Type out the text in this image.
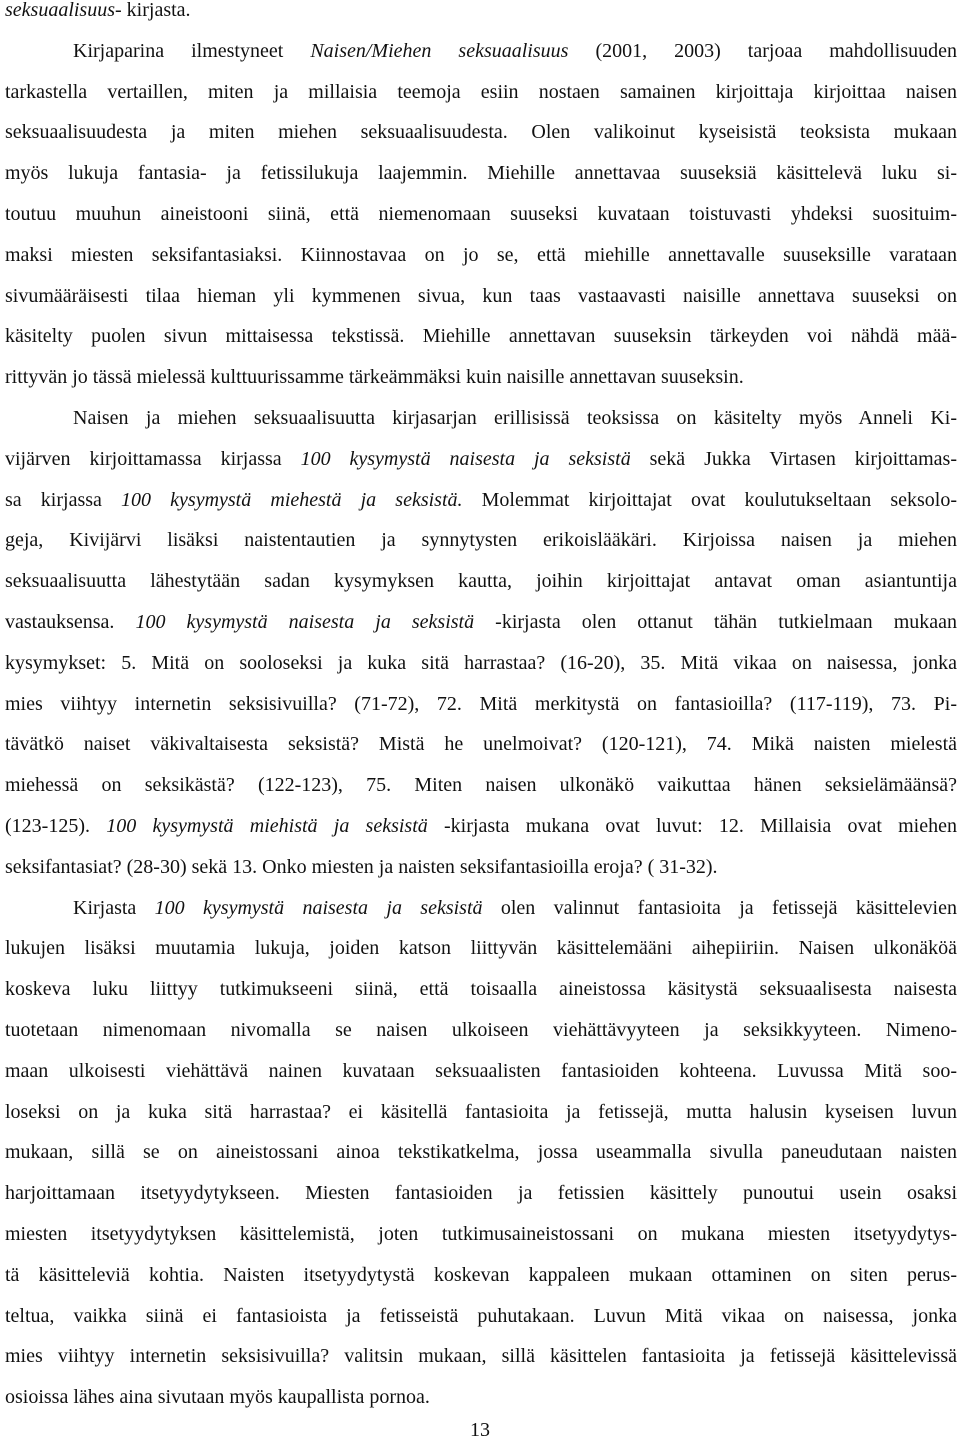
seksuaalisuus- kirjasta.
Kirjaparina ilmestyneet Naisen/Miehen seksuaalisuus (2001, 2003) tarjoaa mahdollisuuden
tarkastella vertaillen, miten ja millaisia teemoja esiin nostaen samainen kirjoittaja kirjoittaa naisen
seksuaalisuudesta ja miten miehen seksuaalisuudesta. Olen valikoinut kyseisistä teoksista mukaan
myös lukuja fantasia- ja fetissilukuja laajemmin. Miehille annettavaa suuseksiä käsittelevä luku si-
toutuu muuhun aineistooni siinä, että niemenomaan suuseksi kuvataan toistuvasti yhdeksi suosituim-
maksi miesten seksifantasiaksi. Kiinnostavaa on jo se, että miehille annettavalle suuseksille varataan
sivumääräisesti tilaa hieman yli kymmenen sivua, kun taas vastaavasti naisille annettava suuseksi on
käsitelty puolen sivun mittaisessa tekstissä. Miehille annettavan suuseksin tärkeyden voi nähdä mää-
rittyvän jo tässä mielessä kulttuurissamme tärkeämmäksi kuin naisille annettavan suuseksin.
Naisen ja miehen seksuaalisuutta kirjasarjan erillisissä teoksissa on käsitelty myös Anneli Ki-
vijärven kirjoittamassa kirjassa 100 kysymystä naisesta ja seksistä sekä Jukka Virtasen kirjoittamas-
sa kirjassa 100 kysymystä miehestä ja seksistä. Molemmat kirjoittajat ovat koulutukseltaan seksolo-
geja, Kivijärvi lisäksi naistentautien ja synnytysten erikoislääkäri. Kirjoissa naisen ja miehen
seksuaalisuutta lähestytään sadan kysymyksen kautta, joihin kirjoittajat antavat oman asiantuntija
vastauksensa. 100 kysymystä naisesta ja seksistä -kirjasta olen ottanut tähän tutkielmaan mukaan
kysymykset: 5. Mitä on sooloseksi ja kuka sitä harrastaa? (16-20), 35. Mitä vikaa on naisessa, jonka
mies viihtyy internetin seksisivuilla? (71-72), 72. Mitä merkitystä on fantasioilla? (117-119), 73. Pi-
tävätkö naiset väkivaltaisesta seksistä? Mistä he unelmoivat? (120-121), 74. Mikä naisten mielestä
miehessä on seksikästä? (122-123), 75. Miten naisen ulkonäkö vaikuttaa hänen seksielämäänsä?
(123-125). 100 kysymystä miehistä ja seksistä -kirjasta mukana ovat luvut: 12. Millaisia ovat miehen
seksifantasiat? (28-30) sekä 13. Onko miesten ja naisten seksifantasioilla eroja? ( 31-32).
Kirjasta 100 kysymystä naisesta ja seksistä olen valinnut fantasioita ja fetissejä käsittelevien
lukujen lisäksi muutamia lukuja, joiden katson liittyvän käsittelemääni aihepiiriin. Naisen ulkonäköä
koskeva luku liittyy tutkimukseeni siinä, että toisaalla aineistossa käsitystä seksuaalisesta naisesta
tuotetaan nimenomaan nivomalla se naisen ulkoiseen viehättävyyteen ja seksikkyyteen. Nimeno-
maan ulkoisesti viehättävä nainen kuvataan seksuaalisten fantasioiden kohteena. Luvussa Mitä soo-
loseksi on ja kuka sitä harrastaa? ei käsitellä fantasioita ja fetissejä, mutta halusin kyseisen luvun
mukaan, sillä se on aineistossani ainoa tekstikatkelma, jossa useammalla sivulla paneudutaan naisten
harjoittamaan itsetyydytykseen. Miesten fantasioiden ja fetissien käsittely punoutui usein osaksi
miesten itsetyydytyksen käsittelemistä, joten tutkimusaineistossani on mukana miesten itsetyydytys-
tä käsitteleviä kohtia. Naisten itsetyydytystä koskevan kappaleen mukaan ottaminen on siten perus-
teltua, vaikka siinä ei fantasioista ja fetisseistä puhutakaan. Luvun Mitä vikaa on naisessa, jonka
mies viihtyy internetin seksisivuilla? valitsin mukaan, sillä käsittelen fantasioita ja fetissejä käsittelevissä
osioissa lähes aina sivutaan myös kaupallista pornoa.
13
